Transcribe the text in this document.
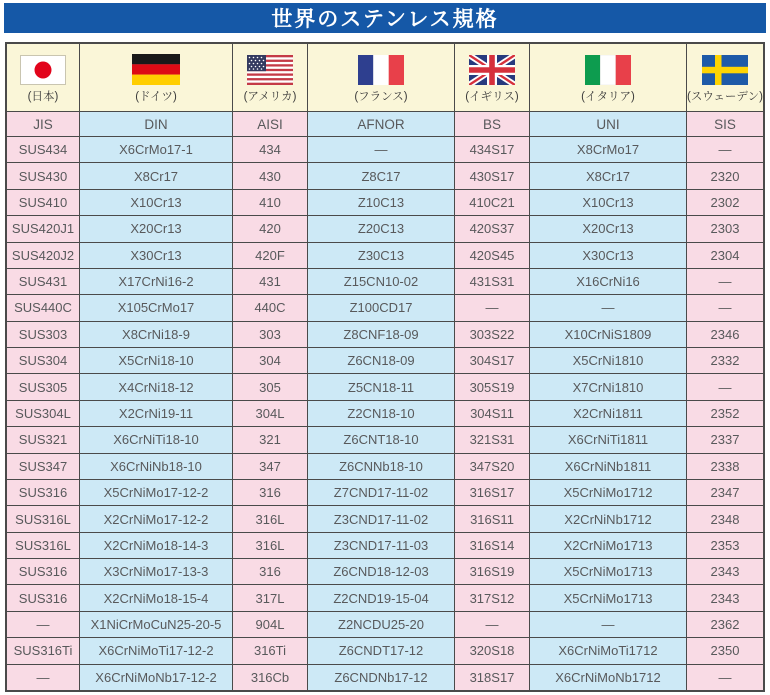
世界のステンレス規格
(日本)	(ドイツ)	(アメリカ)	(フランス)	(イギリス)	(イタリア)	(スウェーデン)
JIS	DIN	AISI	AFNOR	BS	UNI	SIS
SUS434	X6CrMo17-1	434	―	434S17	X8CrMo17	―
SUS430	X8Cr17	430	Z8C17	430S17	X8Cr17	2320
SUS410	X10Cr13	410	Z10C13	410C21	X10Cr13	2302
SUS420J1	X20Cr13	420	Z20C13	420S37	X20Cr13	2303
SUS420J2	X30Cr13	420F	Z30C13	420S45	X30Cr13	2304
SUS431	X17CrNi16-2	431	Z15CN10-02	431S31	X16CrNi16	―
SUS440C	X105CrMo17	440C	Z100CD17	―	―	―
SUS303	X8CrNi18-9	303	Z8CNF18-09	303S22	X10CrNiS1809	2346
SUS304	X5CrNi18-10	304	Z6CN18-09	304S17	X5CrNi1810	2332
SUS305	X4CrNi18-12	305	Z5CN18-11	305S19	X7CrNi1810	―
SUS304L	X2CrNi19-11	304L	Z2CN18-10	304S11	X2CrNi1811	2352
SUS321	X6CrNiTi18-10	321	Z6CNT18-10	321S31	X6CrNiTi1811	2337
SUS347	X6CrNiNb18-10	347	Z6CNNb18-10	347S20	X6CrNiNb1811	2338
SUS316	X5CrNiMo17-12-2	316	Z7CND17-11-02	316S17	X5CrNiMo1712	2347
SUS316L	X2CrNiMo17-12-2	316L	Z3CND17-11-02	316S11	X2CrNiNb1712	2348
SUS316L	X2CrNiMo18-14-3	316L	Z3CND17-11-03	316S14	X2CrNiMo1713	2353
SUS316	X3CrNiMo17-13-3	316	Z6CND18-12-03	316S19	X5CrNiMo1713	2343
SUS316	X2CrNiMo18-15-4	317L	Z2CND19-15-04	317S12	X5CrNiMo1713	2343
―	X1NiCrMoCuN25-20-5	904L	Z2NCDU25-20	―	―	2362
SUS316Ti	X6CrNiMoTi17-12-2	316Ti	Z6CNDT17-12	320S18	X6CrNiMoTi1712	2350
―	X6CrNiMoNb17-12-2	316Cb	Z6CNDNb17-12	318S17	X6CrNiMoNb1712	―
